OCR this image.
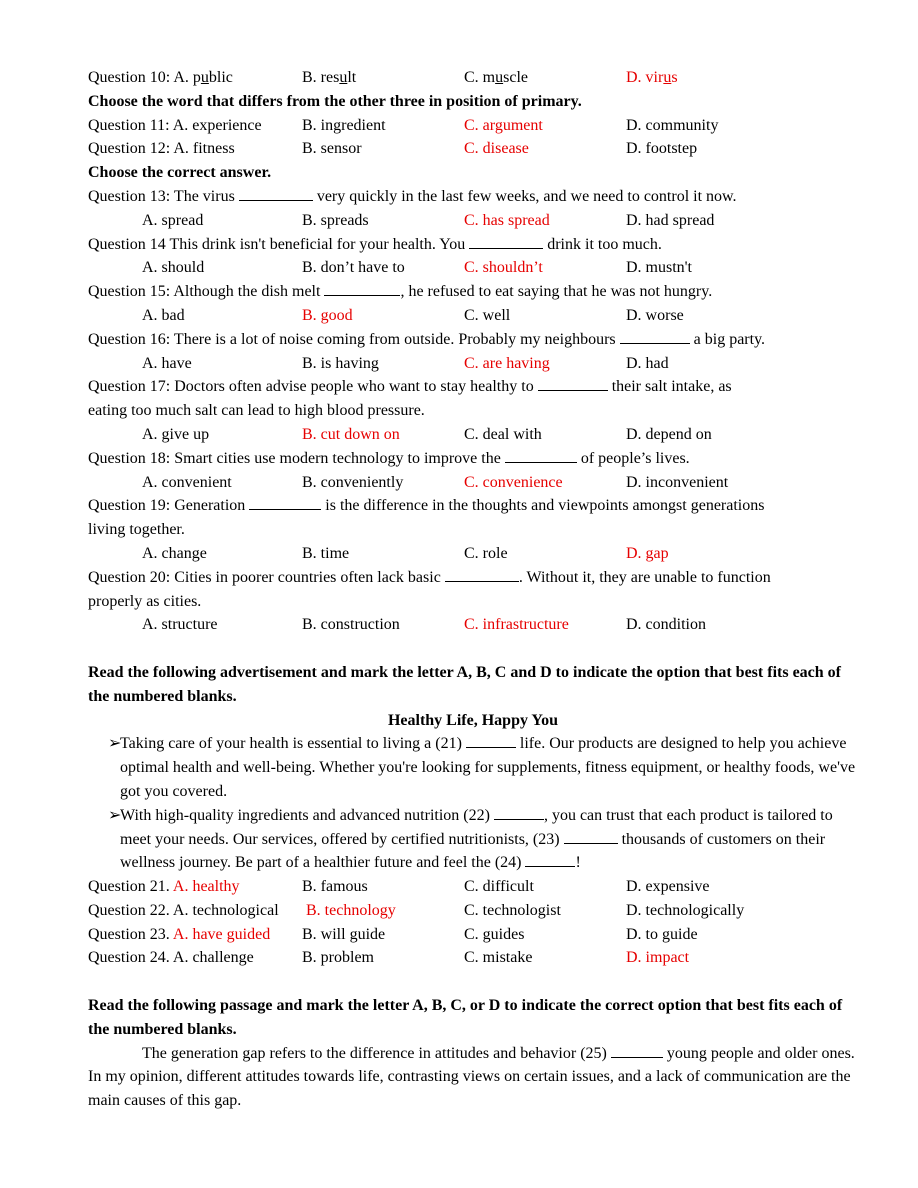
Question 10: A. public	B. result	C. muscle	D. virus
Choose the word that differs from the other three in position of primary.
Question 11: A. experience	B. ingredient	C. argument	D. community
Question 12: A. fitness	B. sensor	C. disease	D. footstep
Choose the correct answer.
Question 13: The virus	very quickly in the last few weeks, and we need to control it now.
A. spread	B. spreads	C. has spread	D. had spread
Question 14 This drink isn't beneficial for your health. You	drink it too much.
A. should	B. don’t have to	C. shouldn’t	D. mustn't
Question 15: Although the dish melt	, he refused to eat saying that he was not hungry.
A. bad	B. good	C. well	D. worse
Question 16: There is a lot of noise coming from outside. Probably my neighbours	a big party.
A. have	B. is having	C. are having	D. had
Question 17: Doctors often advise people who want to stay healthy to	their salt intake, as
eating too much salt can lead to high blood pressure.
A. give up	B. cut down on	C. deal with	D. depend on
Question 18: Smart cities use modern technology to improve the	of people’s lives.
A. convenient	B. conveniently	C. convenience	D. inconvenient
Question 19: Generation	is the difference in the thoughts and viewpoints amongst generations
living together.
A. change	B. time	C. role	D. gap
Question 20: Cities in poorer countries often lack basic	. Without it, they are unable to function
properly as cities.
A. structure	B. construction	C. infrastructure	D. condition

Read the following advertisement and mark the letter A, B, C and D to indicate the option that best fits each of the numbered blanks.

Healthy Life, Happy You
➢

Taking care of your health is essential to living a (21)	life. Our products are designed to help you achieve optimal health and well-being. Whether you're looking for supplements, fitness equipment, or healthy foods, we've got you covered.

➢

With high-quality ingredients and advanced nutrition (22)	, you can trust that each product is tailored to meet your needs. Our services, offered by certified nutritionists, (23)	thousands of customers on their wellness journey. Be part of a healthier future and feel the (24)	!

Question 21. A. healthy	B. famous	C. difficult	D. expensive
Question 22. A. technological B. technology	C. technologist	D. technologically
Question 23. A. have guided B. will guide	C. guides	D. to guide
Question 24. A. challenge	B. problem	C. mistake	D. impact

Read the following passage and mark the letter A, B, C, or D to indicate the correct option that best fits each of the numbered blanks.

The generation gap refers to the difference in attitudes and behavior (25)	young people and older ones. In my opinion, different attitudes towards life, contrasting views on certain issues, and a lack of communication are the main causes of this gap.
